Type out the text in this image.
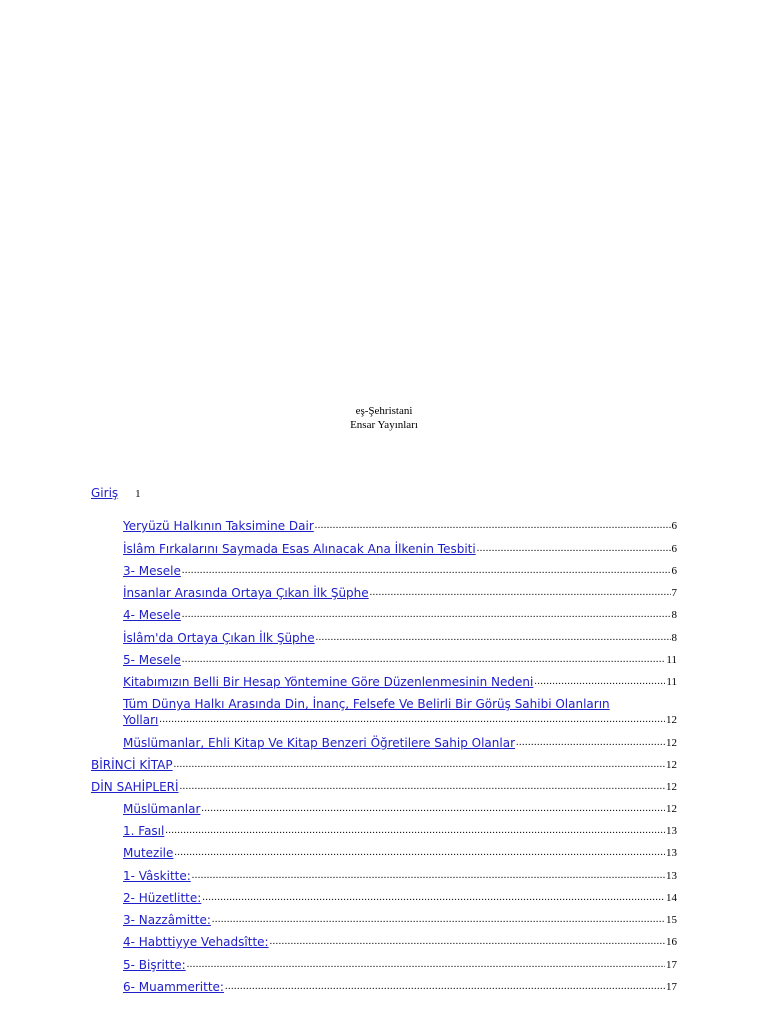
eş-Şehristani
Ensar Yayınları
Giriş 1
Yeryüzü Halkının Taksimine Dair .....	6
İslâm Fırkalarını Saymada Esas Alınacak Ana İlkenin Tesbiti .....	6
3- Mesele .....	6
İnsanlar Arasında Ortaya Çıkan İlk Şüphe .....	7
4- Mesele .....	8
İslâm'da Ortaya Çıkan İlk Şüphe .....	8
5- Mesele .....	11
Kitabımızın Belli Bir Hesap Yöntemine Göre Düzenlenmesinin Nedeni .....	11
Tüm Dünya Halkı Arasında Din, İnanç, Felsefe Ve Belirli Bir Görüş Sahibi Olanların
Yolları .....	12
Müslümanlar, Ehli Kitap Ve Kitap Benzeri Öğretilere Sahip Olanlar .....	12
BİRİNCİ KİTAP .....	12
DİN SAHİPLERİ .....	12
Müslümanlar .....	12
1. Fasıl .....	13
Mutezile .....	13
1- Vâskitte: .....	13
2- Hüzetlitte: .....	14
3- Nazzâmitte: .....	15
4- Habttiyye Vehadsîtte: .....	16
5- Bişritte: .....	17
6- Muammeritte: .....	17
